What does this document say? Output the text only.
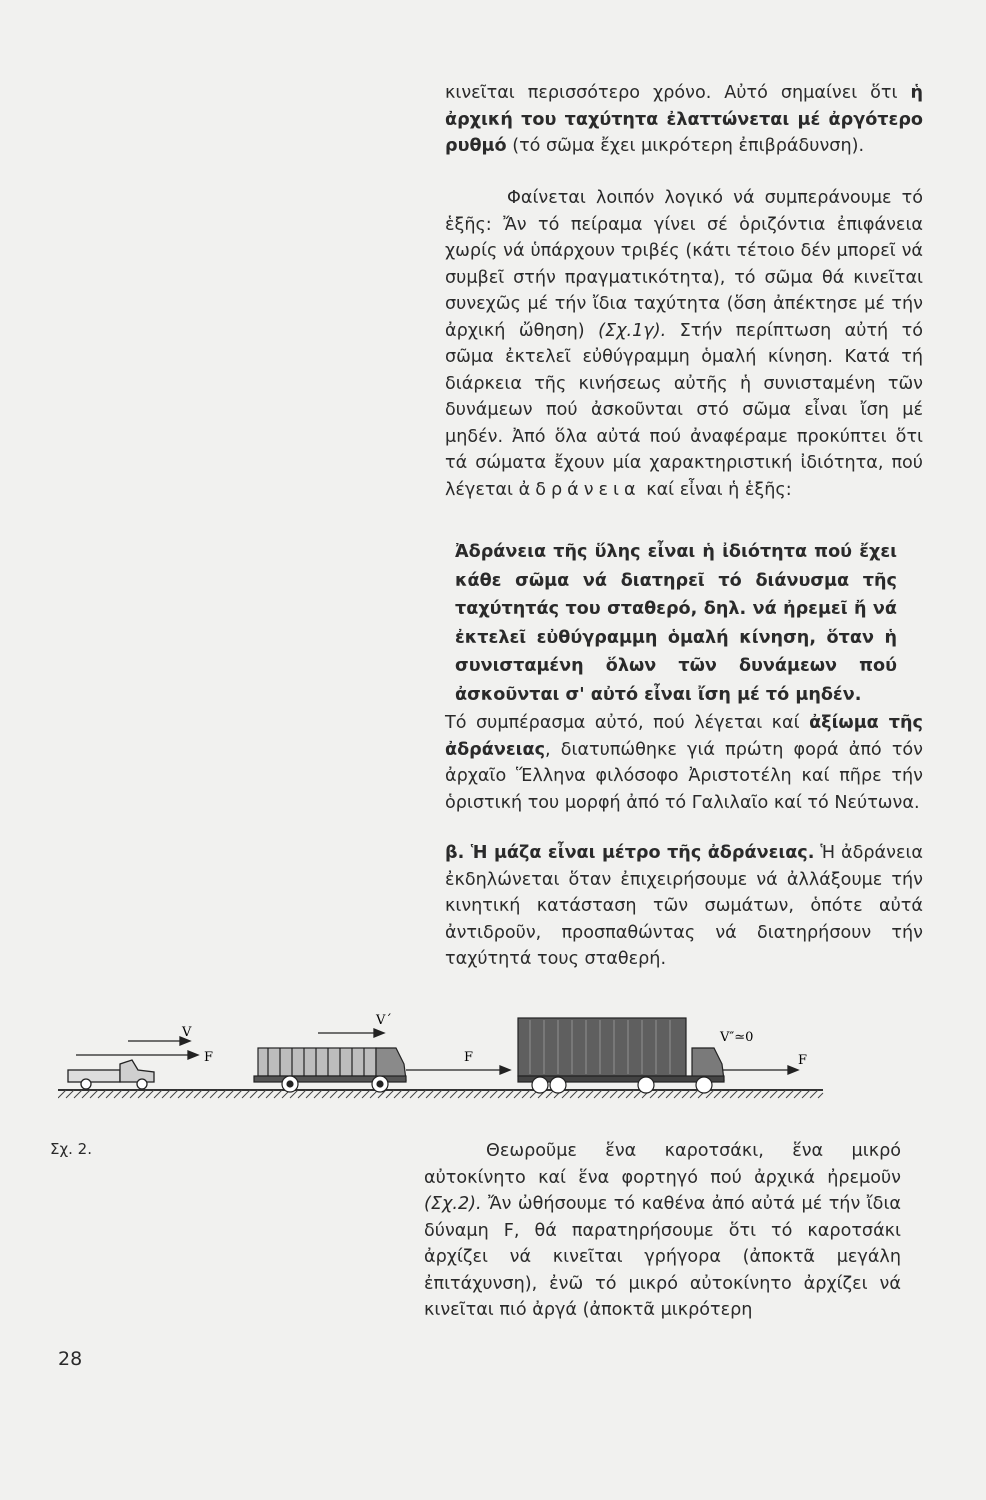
κινεῖται περισσότερο χρόνο. Αὐτό σημαίνει ὅτι ἡ ἀρχική του ταχύτητα ἐλαττώνεται μέ ἀργότερο ρυθμό (τό σῶμα ἔχει μικρότερη ἐπιβράδυνση).

Φαίνεται λοιπόν λογικό νά συμπεράνουμε τό ἑξῆς: Ἄν τό πείραμα γίνει σέ ὁριζόντια ἐπιφάνεια χωρίς νά ὑπάρχουν τριβές (κάτι τέτοιο δέν μπορεῖ νά συμβεῖ στήν πραγματικότητα), τό σῶμα θά κινεῖται συνεχῶς μέ τήν ἴδια ταχύτητα (ὅση ἀπέκτησε μέ τήν ἀρχική ὤθηση) (Σχ.1γ). Στήν περίπτωση αὐτή τό σῶμα ἐκτελεῖ εὐθύγραμμη ὁμαλή κίνηση. Κατά τή διάρκεια τῆς κινήσεως αὐτῆς ἡ συνισταμένη τῶν δυνάμεων πού ἀσκοῦνται στό σῶμα εἶναι ἴση μέ μηδέν. Ἀπό ὅλα αὐτά πού ἀναφέραμε προκύπτει ὅτι τά σώματα ἔχουν μία χαρακτηριστική ἰδιότητα, πού λέγεται ἀδράνεια καί εἶναι ἡ ἑξῆς:

Ἀδράνεια τῆς ὕλης εἶναι ἡ ἰδιότητα πού ἔχει κάθε σῶμα νά διατηρεῖ τό διάνυσμα τῆς ταχύτητάς του σταθερό, δηλ. νά ἠρεμεῖ ἤ νά ἐκτελεῖ εὐθύγραμμη ὁμαλή κίνηση, ὅταν ἡ συνισταμένη ὅλων τῶν δυνάμεων πού ἀσκοῦνται σ' αὐτό εἶναι ἴση μέ τό μηδέν.

Τό συμπέρασμα αὐτό, πού λέγεται καί ἀξίωμα τῆς ἀδράνειας, διατυπώθηκε γιά πρώτη φορά ἀπό τόν ἀρχαῖο Ἕλληνα φιλόσοφο Ἀριστοτέλη καί πῆρε τήν ὁριστική του μορφή ἀπό τό Γαλιλαῖο καί τό Νεύτωνα.

β. Ἡ μάζα εἶναι μέτρο τῆς ἀδράνειας. Ἡ ἀδράνεια ἐκδηλώνεται ὅταν ἐπιχειρήσουμε νά ἀλλάξουμε τήν κινητική κατάσταση τῶν σωμάτων, ὁπότε αὐτά ἀντιδροῦν, προσπαθώντας νά διατηρήσουν τήν ταχύτητά τους σταθερή.

V
F
V´
F
V″≃0
F
Σχ. 2.	Θεωροῦμε ἕνα καροτσάκι, ἕνα μικρό αὐτοκίνητο καί ἕνα φορτηγό πού ἀρχικά ἠρεμοῦν (Σχ.2). Ἄν ὠθήσουμε τό καθένα ἀπό αὐτά μέ τήν ἴδια δύναμη F, θά παρατηρήσουμε ὅτι τό καροτσάκι ἀρχίζει νά κινεῖται γρήγορα (ἀποκτᾶ μεγάλη ἐπιτάχυνση), ἐνῶ τό μικρό αὐτοκίνητο ἀρχίζει νά κινεῖται πιό ἀργά (ἀποκτᾶ μικρότερη

28
